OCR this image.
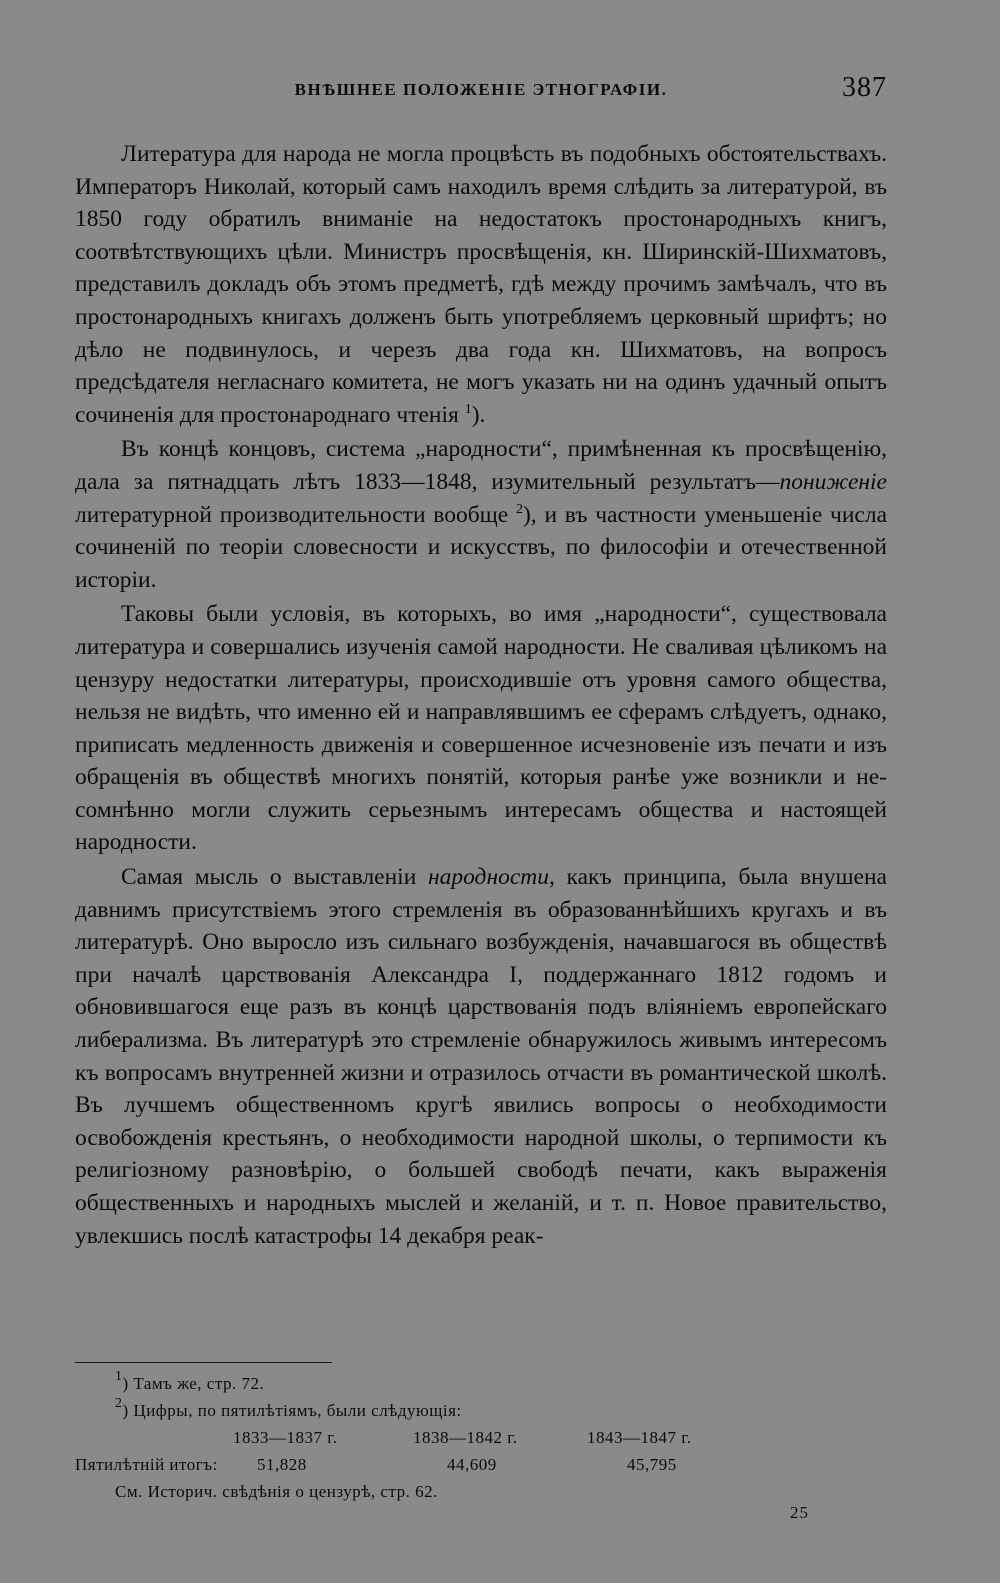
ВНѢШНЕЕ ПОЛОЖЕНІЕ ЭТНОГРАФІИ.	387

Литература для народа не могла процвѣсть въ подобныхъ обстоятельствахъ. Императоръ Николай, который самъ находилъ время слѣдить за литературой, въ 1850 году обратилъ вниманіе на недостатокъ простонародныхъ книгъ, соотвѣтствующихъ цѣли. Министръ просвѣщенія, кн. Ширинскій-Шихматовъ, представилъ докладъ объ этомъ предметѣ, гдѣ между прочимъ замѣчалъ, что въ простонародныхъ книгахъ долженъ быть употребляемъ церковный шрифтъ; но дѣло не подвинулось, и черезъ два года кн. Шихматовъ, на вопросъ предсѣдателя негласнаго комитета, не могъ указать ни на одинъ удачный опытъ сочиненія для простонароднаго чтенія $^1$).

Въ концѣ концовъ, система „народности“, примѣненная къ просвѣщенію, дала за пятнадцать лѣтъ 1833—1848, изумительный результатъ—пониженіе литературной производительности вообще $^2$), и въ частности уменьшеніе числа сочиненій по теоріи словесности и искусствъ, по философіи и отечественной исторіи.

Таковы были условія, въ которыхъ, во имя „народности“, существовала литература и совершались изученія самой народности. Не сваливая цѣликомъ на цензуру недостатки литературы, происходившіе отъ уровня самого общества, нельзя не видѣть, что именно ей и направлявшимъ ее сферамъ слѣдуетъ, однако, приписать медленность движенія и совершенное исчезновеніе изъ печати и изъ обращенія въ обществѣ многихъ понятій, которыя ранѣе уже возникли и несомнѣнно могли служить серьезнымъ интересамъ общества и настоящей народности.

Самая мысль о выставленіи народности, какъ принципа, была внушена давнимъ присутствіемъ этого стремленія въ образованнѣйшихъ кругахъ и въ литературѣ. Оно выросло изъ сильнаго возбужденія, начавшагося въ обществѣ при началѣ царствованія Александра I, поддержаннаго 1812 годомъ и обновившагося еще разъ въ концѣ царствованія подъ вліяніемъ европейскаго либерализма. Въ литературѣ это стремленіе обнаружилось живымъ интересомъ къ вопросамъ внутренней жизни и отразилось отчасти въ романтической школѣ. Въ лучшемъ общественномъ кругѣ явились вопросы о необходимости освобожденія крестьянъ, о необходимости народной школы, о терпимости къ религіозному разновѣрію, о большей свободѣ печати, какъ выраженія общественныхъ и народныхъ мыслей и желаній, и т. п. Новое правительство, увлекшись послѣ катастрофы 14 декабря реак-

$^1$) Тамъ же, стр. 72.

$^2$) Цифры, по пятилѣтіямъ, были слѣдующія:

1833—1837 г.	1838—1842 г.	1843—1847 г.
Пятилѣтній итогъ: 51,828	44,609	45,795

См. Историч. свѣдѣнія о цензурѣ, стр. 62.

25
